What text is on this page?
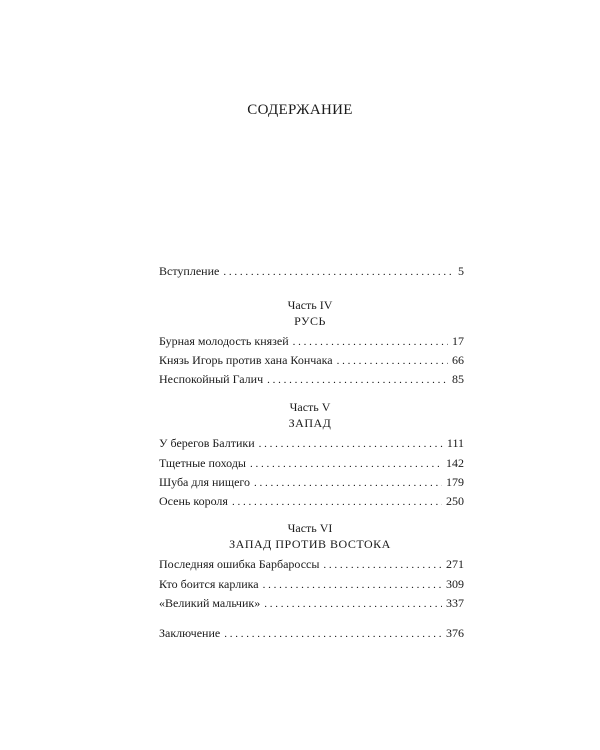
СОДЕРЖАНИЕ
Вступление . . .	5
Часть IV
РУСЬ
Бурная молодость князей . . .	17
Князь Игорь против хана Кончака . . .	66
Неспокойный Галич . . .	85
Часть V
ЗАПАД
У берегов Балтики . . .	111
Тщетные походы . . .	142
Шуба для нищего . . .	179
Осень короля . . .	250
Часть VI
ЗАПАД ПРОТИВ ВОСТОКА
Последняя ошибка Барбароссы . . .	271
Кто боится карлика . . .	309
«Великий мальчик» . . .	337
Заключение . . .	376
